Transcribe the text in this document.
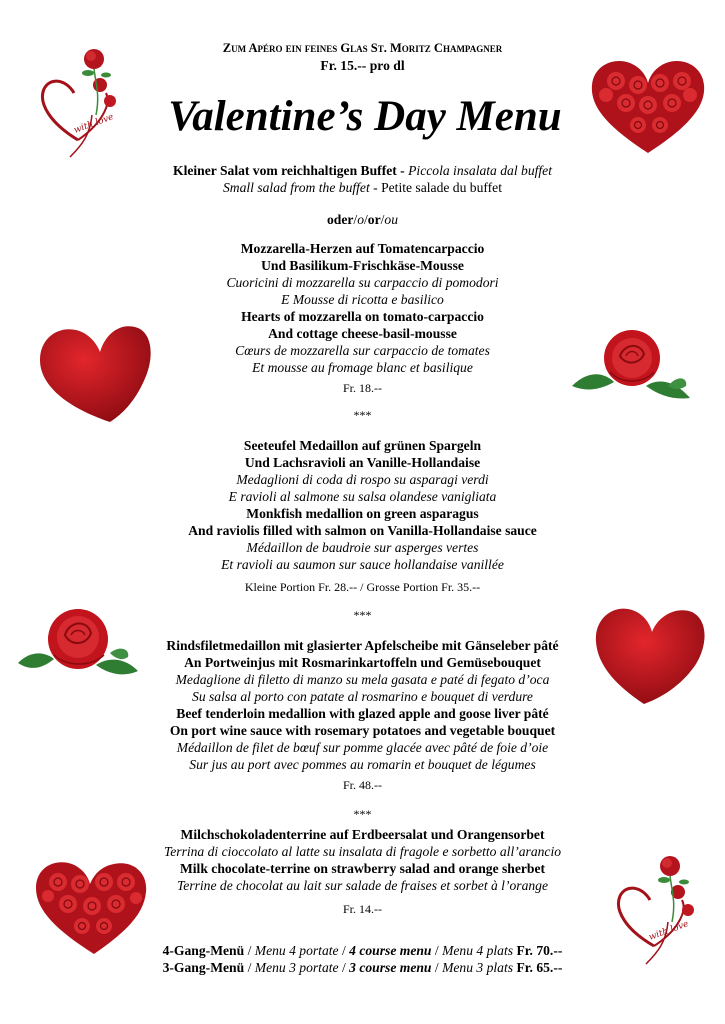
Zum Apéro ein feines Glas St. Moritz Champagner
Fr. 15.-- pro dl
Valentine’s Day Menu
Kleiner Salat vom reichhaltigen Buffet - Piccola insalata dal buffet
Small salad from the buffet - Petite salade du buffet
oder/o/or/ou
Mozzarella-Herzen auf Tomatencarpaccio
Und Basilikum-Frischkäse-Mousse
Cuoricini di mozzarella su carpaccio di pomodori
E Mousse di ricotta e basilico
Hearts of mozzarella on tomato-carpaccio
And cottage cheese-basil-mousse
Cœurs de mozzarella sur carpaccio de tomates
Et mousse au fromage blanc et basilique
Fr. 18.--
***
Seeteufel Medaillon auf grünen Spargeln
Und Lachsravioli an Vanille-Hollandaise
Medaglioni di coda di rospo su asparagi verdi
E ravioli al salmone su salsa olandese vanigliata
Monkfish medallion on green asparagus
And raviolis filled with salmon on Vanilla-Hollandaise sauce
Médaillon de baudroie sur asperges vertes
Et ravioli au saumon sur sauce hollandaise vanillée
Kleine Portion Fr. 28.-- / Grosse Portion Fr. 35.--
***
Rindsfiletmedaillon mit glasierter Apfelscheibe mit Gänseleber pâté
An Portweinjus mit Rosmarinkartoffeln und Gemüsebouquet
Medaglione di filetto di manzo su mela gasata e paté di fegato d’oca
Su salsa al porto con patate al rosmarino e bouquet di verdure
Beef tenderloin medallion with glazed apple and goose liver pâté
On port wine sauce with rosemary potatoes and vegetable bouquet
Médaillon de filet de bœuf sur pomme glacée avec pâté de foie d’oie
Sur jus au port avec pommes au romarin et bouquet de légumes
Fr. 48.--
***
Milchschokoladenterrine auf Erdbeersalat und Orangensorbet
Terrina di cioccolato al latte su insalata di fragole e sorbetto all’arancio
Milk chocolate-terrine on strawberry salad and orange sherbet
Terrine de chocolat au lait sur salade de fraises et sorbet à l’orange
Fr. 14.--
4-Gang-Menü / Menu 4 portate / 4 course menu / Menu 4 plats Fr. 70.--
3-Gang-Menü / Menu 3 portate / 3 course menu / Menu 3 plats Fr. 65.--
with love
with love
